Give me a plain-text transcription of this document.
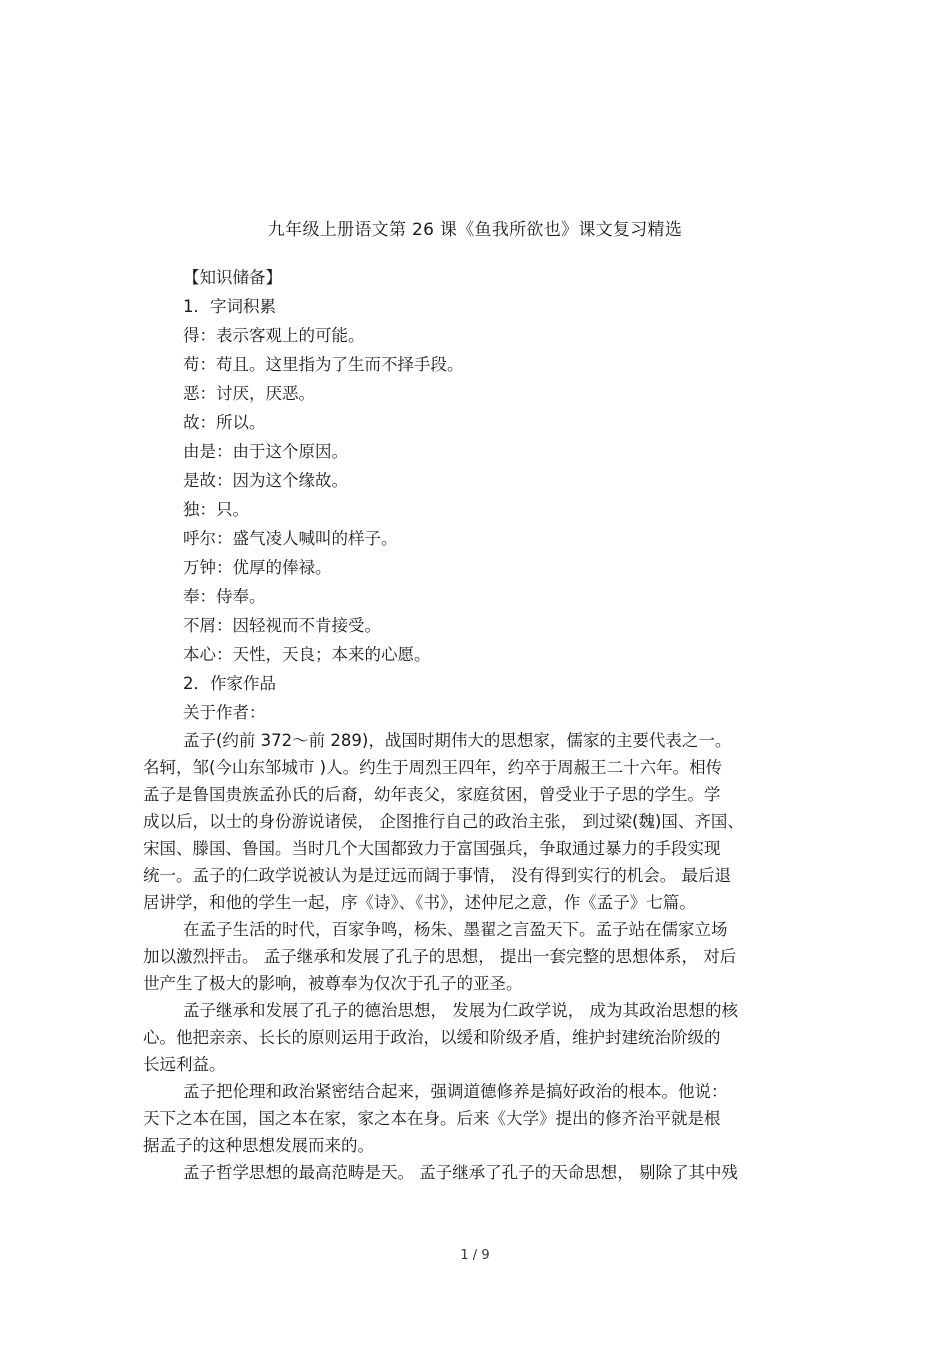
九年级上册语文第 26 课《鱼我所欲也》课文复习精选
【知识储备】
1．字词积累
得：表示客观上的可能。
苟：苟且。这里指为了生而不择手段。
恶：讨厌，厌恶。
故：所以。
由是：由于这个原因。
是故：因为这个缘故。
独：只。
呼尔：盛气凌人喊叫的样子。
万钟：优厚的俸禄。
奉：侍奉。
不屑：因轻视而不肯接受。
本心：天性，天良；本来的心愿。
2．作家作品
关于作者：
孟子(约前 372～前 289)，战国时期伟大的思想家，儒家的主要代表之一。
名轲，邹(今山东邹城市 )人。约生于周烈王四年，约卒于周赧王二十六年。相传
孟子是鲁国贵族孟孙氏的后裔，幼年丧父，家庭贫困，曾受业于子思的学生。学
成以后，以士的身份游说诸侯， 企图推行自己的政治主张， 到过梁(魏)国、齐国、
宋国、滕国、鲁国。当时几个大国都致力于富国强兵，争取通过暴力的手段实现
统一。孟子的仁政学说被认为是迂远而阔于事情， 没有得到实行的机会。 最后退
居讲学，和他的学生一起，序《诗》、《书》，述仲尼之意，作《孟子》七篇。
在孟子生活的时代，百家争鸣，杨朱、墨翟之言盈天下。孟子站在儒家立场
加以激烈抨击。 孟子继承和发展了孔子的思想， 提出一套完整的思想体系， 对后
世产生了极大的影响，被尊奉为仅次于孔子的亚圣。
孟子继承和发展了孔子的德治思想， 发展为仁政学说， 成为其政治思想的核
心。他把亲亲、长长的原则运用于政治，以缓和阶级矛盾，维护封建统治阶级的
长远利益。
孟子把伦理和政治紧密结合起来，强调道德修养是搞好政治的根本。他说：
天下之本在国，国之本在家，家之本在身。后来《大学》提出的修齐治平就是根
据孟子的这种思想发展而来的。
孟子哲学思想的最高范畴是天。 孟子继承了孔子的天命思想， 剔除了其中残
1 / 9
